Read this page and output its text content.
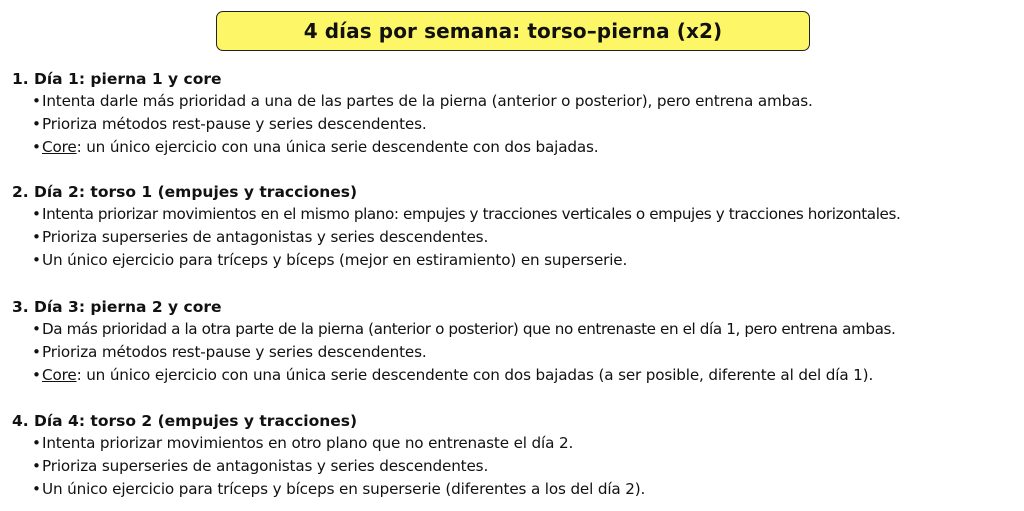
4 días por semana: torso–pierna (x2)
1. Día 1: pierna 1 y core
•Intenta darle más prioridad a una de las partes de la pierna (anterior o posterior), pero entrena ambas.
•Prioriza métodos rest-pause y series descendentes.
•Core: un único ejercicio con una única serie descendente con dos bajadas.
2. Día 2: torso 1 (empujes y tracciones)
•Intenta priorizar movimientos en el mismo plano: empujes y tracciones verticales o empujes y tracciones horizontales.
•Prioriza superseries de antagonistas y series descendentes.
•Un único ejercicio para tríceps y bíceps (mejor en estiramiento) en superserie.
3. Día 3: pierna 2 y core
•Da más prioridad a la otra parte de la pierna (anterior o posterior) que no entrenaste en el día 1, pero entrena ambas.
•Prioriza métodos rest-pause y series descendentes.
•Core: un único ejercicio con una única serie descendente con dos bajadas (a ser posible, diferente al del día 1).
4. Día 4: torso 2 (empujes y tracciones)
•Intenta priorizar movimientos en otro plano que no entrenaste el día 2.
•Prioriza superseries de antagonistas y series descendentes.
•Un único ejercicio para tríceps y bíceps en superserie (diferentes a los del día 2).
